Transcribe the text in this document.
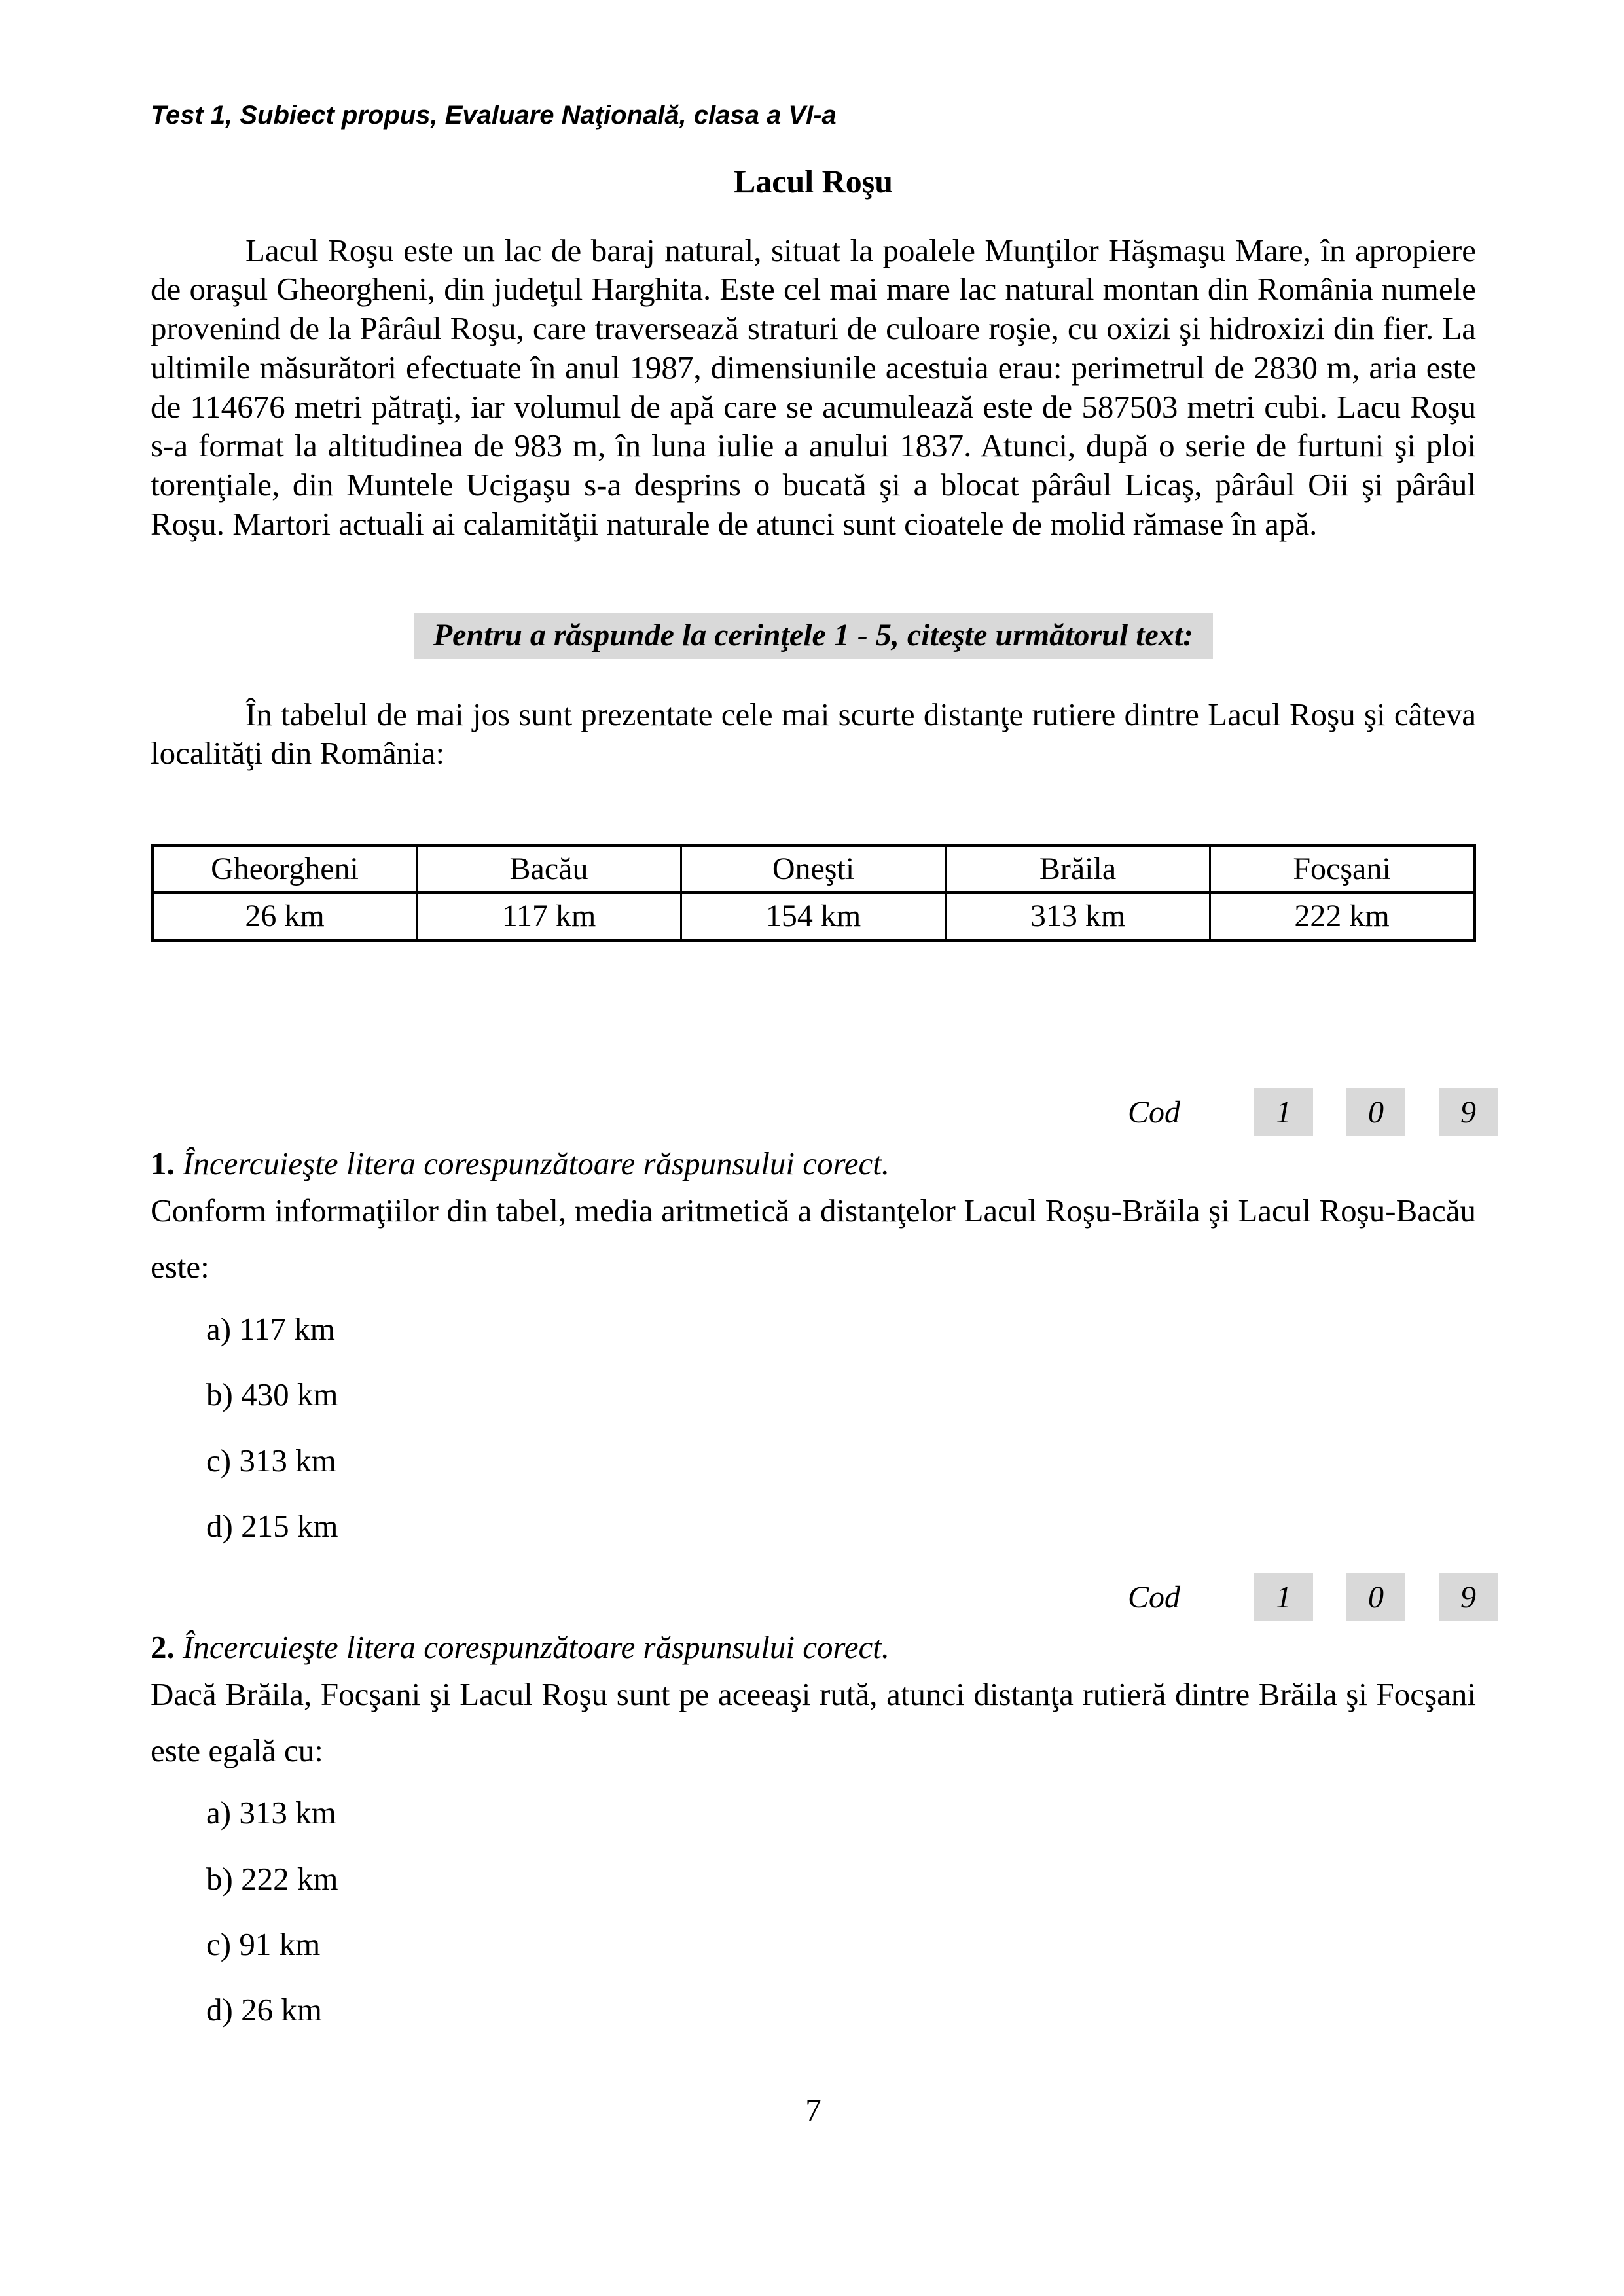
Test 1, Subiect propus, Evaluare Naţională, clasa a VI-a
Lacul Roşu
Lacul Roşu este un lac de baraj natural, situat la poalele Munţilor Hăşmaşu Mare, în apropiere de oraşul Gheorgheni, din judeţul Harghita. Este cel mai mare lac natural montan din România numele provenind de la Pârâul Roşu, care traversează straturi de culoare roşie, cu oxizi şi hidroxizi din fier. La ultimile măsurători efectuate în anul 1987, dimensiunile acestuia erau: perimetrul de 2830 m, aria este de 114676 metri pătraţi, iar volumul de apă care se acumulează este de 587503 metri cubi. Lacu Roşu s-a format la altitudinea de 983 m, în luna iulie a anului 1837. Atunci, după o serie de furtuni şi ploi torenţiale, din Muntele Ucigaşu s-a desprins o bucată şi a blocat pârâul Licaş, pârâul Oii şi pârâul Roşu. Martori actuali ai calamităţii naturale de atunci sunt cioatele de molid rămase în apă.
Pentru a răspunde la cerinţele 1 - 5, citeşte următorul text:
În tabelul de mai jos sunt prezentate cele mai scurte distanţe rutiere dintre Lacul Roşu şi câteva localităţi din România:
Gheorgheni	Bacău	Oneşti	Brăila	Focşani
26 km	117 km	154 km	313 km	222 km
Cod	1	0	9
1. Încercuieşte litera corespunzătoare răspunsului corect.
Conform informaţiilor din tabel, media aritmetică a distanţelor Lacul Roşu-Brăila şi Lacul Roşu-Bacău este:
a) 117 km
b) 430 km
c) 313 km
d) 215 km
Cod	1	0	9
2. Încercuieşte litera corespunzătoare răspunsului corect.
Dacă Brăila, Focşani şi Lacul Roşu sunt pe aceeaşi rută, atunci distanţa rutieră dintre Brăila şi Focşani este egală cu:
a) 313 km
b) 222 km
c) 91 km
d) 26 km
7
